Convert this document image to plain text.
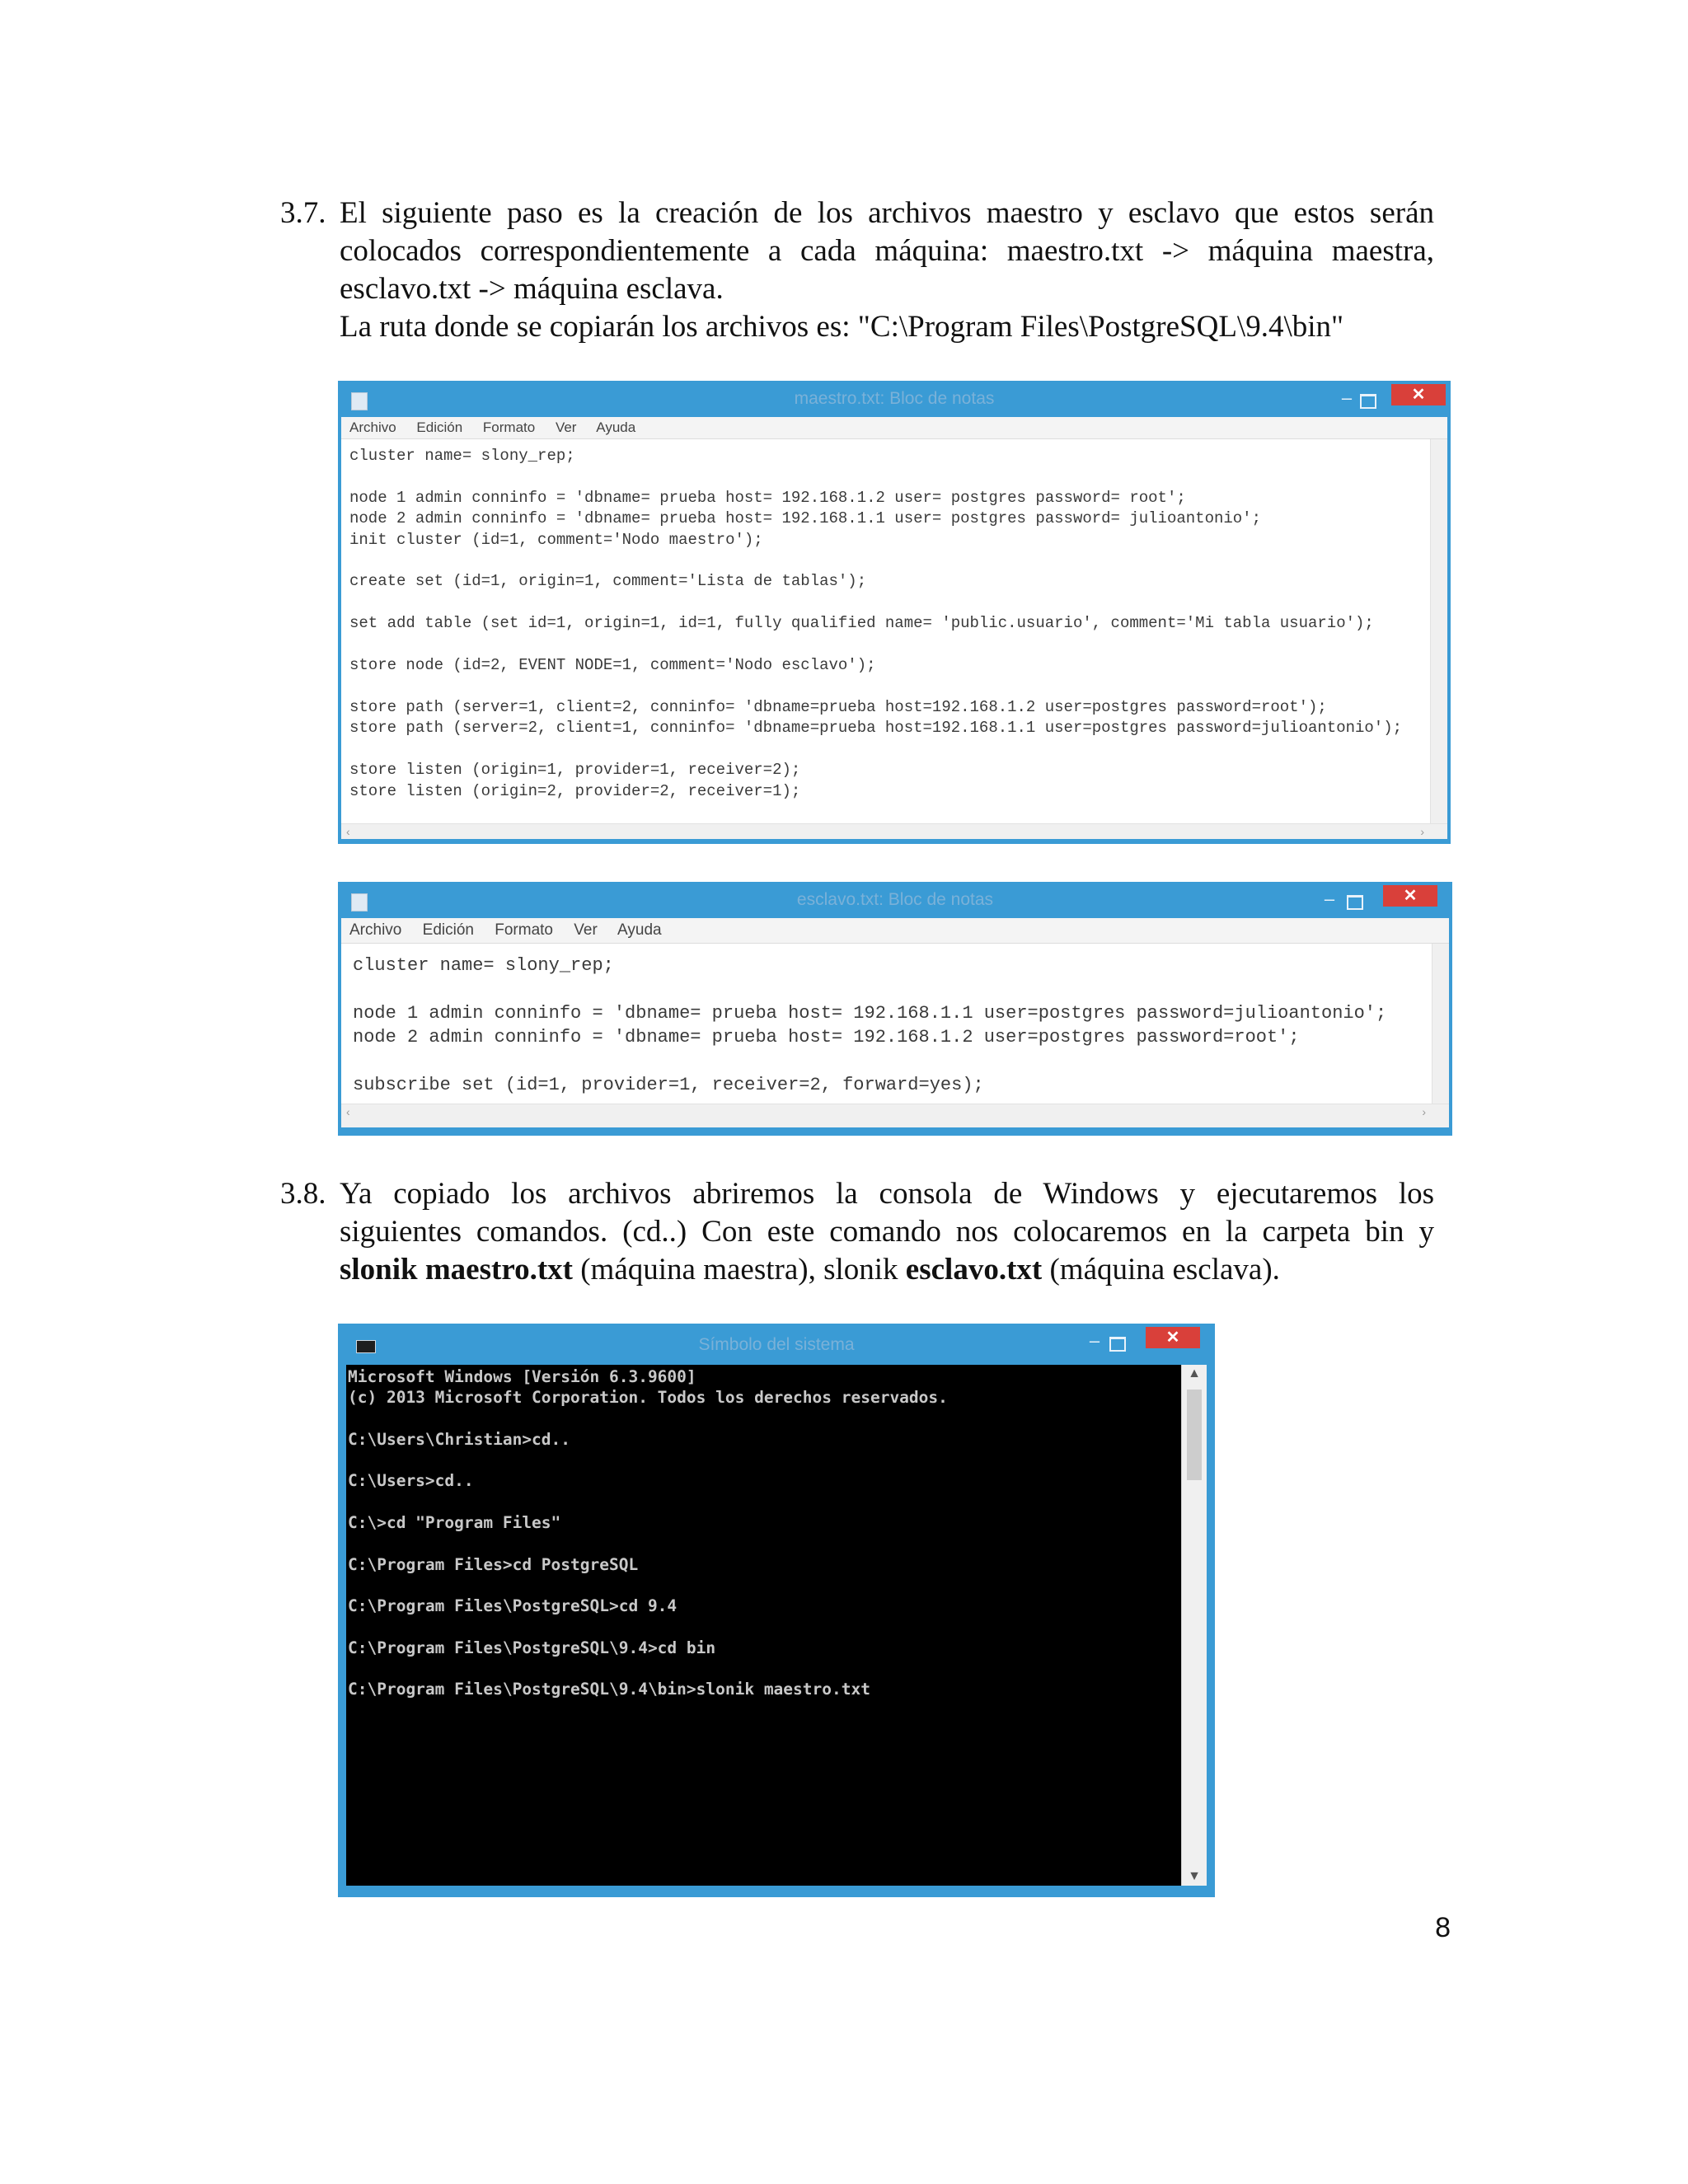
3.7. El siguiente paso es la creación de los archivos maestro y esclavo que estos serán

colocados correspondientemente a cada máquina: maestro.txt -> máquina maestra,

esclavo.txt -> máquina esclava.

La ruta donde se copiarán los archivos es: "C:\Program Files\PostgreSQL\9.4\bin"

maestro.txt: Bloc de notas	–	✕
Archivo Edición Formato Ver Ayuda
cluster name= slony_rep;

node 1 admin conninfo = 'dbname= prueba host= 192.168.1.2 user= postgres password= root';
node 2 admin conninfo = 'dbname= prueba host= 192.168.1.1 user= postgres password= julioantonio';
init cluster (id=1, comment='Nodo maestro');

create set (id=1, origin=1, comment='Lista de tablas');

set add table (set id=1, origin=1, id=1, fully qualified name= 'public.usuario', comment='Mi tabla usuario');

store node (id=2, EVENT NODE=1, comment='Nodo esclavo');

store path (server=1, client=2, conninfo= 'dbname=prueba host=192.168.1.2 user=postgres password=root');
store path (server=2, client=1, conninfo= 'dbname=prueba host=192.168.1.1 user=postgres password=julioantonio');

store listen (origin=1, provider=1, receiver=2);
store listen (origin=2, provider=2, receiver=1);
‹	›
esclavo.txt: Bloc de notas	–	✕
Archivo Edición Formato Ver Ayuda
cluster name= slony_rep;

node 1 admin conninfo = 'dbname= prueba host= 192.168.1.1 user=postgres password=julioantonio';
node 2 admin conninfo = 'dbname= prueba host= 192.168.1.2 user=postgres password=root';

subscribe set (id=1, provider=1, receiver=2, forward=yes);
‹	›
3.8. Ya copiado los archivos abriremos la consola de Windows y ejecutaremos los

siguientes comandos. (cd..) Con este comando nos colocaremos en la carpeta bin y

slonik maestro.txt (máquina maestra), slonik esclavo.txt (máquina esclava).

Símbolo del sistema	–	✕
Microsoft Windows [Versión 6.3.9600]
(c) 2013 Microsoft Corporation. Todos los derechos reservados.

C:\Users\Christian>cd..

C:\Users>cd..

C:\>cd "Program Files"

C:\Program Files>cd PostgreSQL

C:\Program Files\PostgreSQL>cd 9.4

C:\Program Files\PostgreSQL\9.4>cd bin

C:\Program Files\PostgreSQL\9.4\bin>slonik maestro.txt
▲
▼
8
